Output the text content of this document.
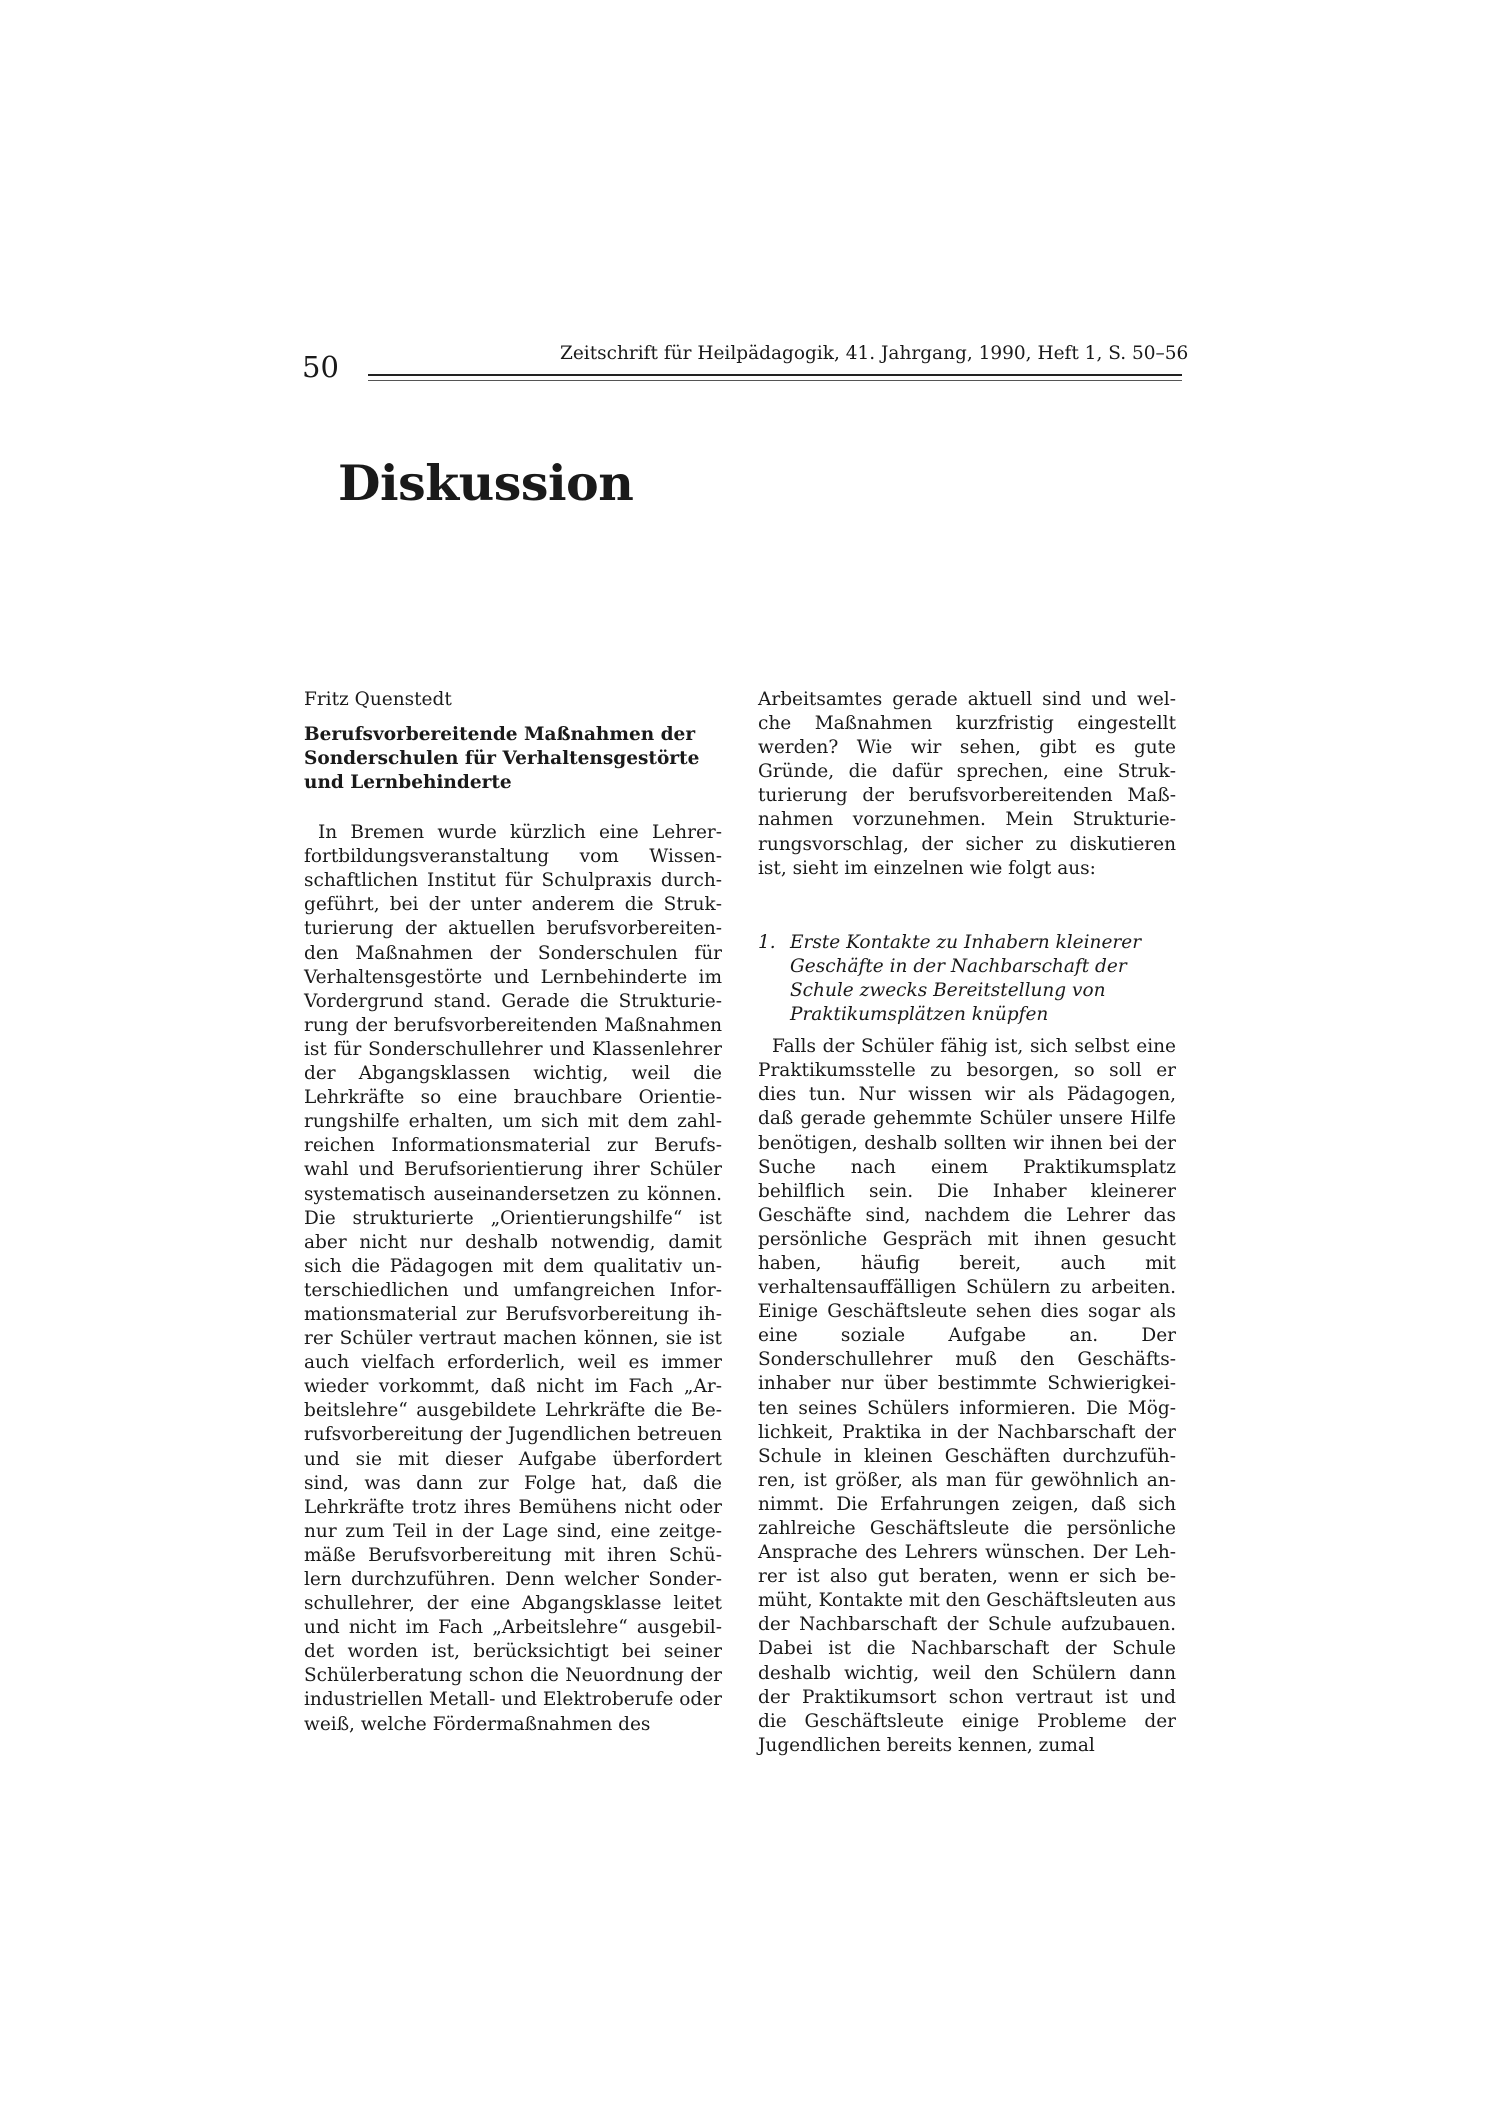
50	Zeitschrift für Heilpädagogik, 41. Jahrgang, 1990, Heft 1, S. 50–56
Diskussion

Fritz Quenstedt

Berufsvorbereitende Maßnahmen der Sonderschulen für Verhaltensgestörte und Lernbehinderte

In Bremen wurde kürzlich eine Lehrerfortbildungsveranstaltung vom Wissenschaftlichen Institut für Schulpraxis durchgeführt, bei der unter anderem die Strukturierung der aktuellen berufsvorbereitenden Maßnahmen der Sonderschulen für Verhaltensgestörte und Lernbehinderte im Vordergrund stand. Gerade die Strukturierung der berufsvorbereitenden Maßnahmen ist für Sonderschullehrer und Klassenlehrer der Abgangsklassen wichtig, weil die Lehrkräfte so eine brauchbare Orientierungshilfe erhalten, um sich mit dem zahlreichen Informationsmaterial zur Berufswahl und Berufsorientierung ihrer Schüler systematisch auseinandersetzen zu können. Die strukturierte „Orientierungshilfe“ ist aber nicht nur deshalb notwendig, damit sich die Pädagogen mit dem qualitativ unterschiedlichen und umfangreichen Informationsmaterial zur Berufsvorbereitung ihrer Schüler vertraut machen können, sie ist auch vielfach erforderlich, weil es immer wieder vorkommt, daß nicht im Fach „Arbeitslehre“ ausgebildete Lehrkräfte die Berufsvorbereitung der Jugendlichen betreuen und sie mit dieser Aufgabe überfordert sind, was dann zur Folge hat, daß die Lehrkräfte trotz ihres Bemühens nicht oder nur zum Teil in der Lage sind, eine zeitgemäße Berufsvorbereitung mit ihren Schülern durchzuführen. Denn welcher Sonderschullehrer, der eine Abgangsklasse leitet und nicht im Fach „Arbeitslehre“ ausgebildet worden ist, berücksichtigt bei seiner Schülerberatung schon die Neuordnung der industriellen Metall- und Elektroberufe oder weiß, welche Fördermaßnahmen des

Arbeitsamtes gerade aktuell sind und welche Maßnahmen kurzfristig eingestellt werden? Wie wir sehen, gibt es gute Gründe, die dafür sprechen, eine Strukturierung der berufsvorbereitenden Maßnahmen vorzunehmen. Mein Strukturierungsvorschlag, der sicher zu diskutieren ist, sieht im einzelnen wie folgt aus:

1. Erste Kontakte zu Inhabern kleinerer Geschäfte in der Nachbarschaft der Schule zwecks Bereitstellung von Praktikumsplätzen knüpfen

Falls der Schüler fähig ist, sich selbst eine Praktikumsstelle zu besorgen, so soll er dies tun. Nur wissen wir als Pädagogen, daß gerade gehemmte Schüler unsere Hilfe benötigen, deshalb sollten wir ihnen bei der Suche nach einem Praktikumsplatz behilflich sein. Die Inhaber kleinerer Geschäfte sind, nachdem die Lehrer das persönliche Gespräch mit ihnen gesucht haben, häufig bereit, auch mit verhaltensauffälligen Schülern zu arbeiten. Einige Geschäftsleute sehen dies sogar als eine soziale Aufgabe an. Der Sonderschullehrer muß den Geschäftsinhaber nur über bestimmte Schwierigkeiten seines Schülers informieren. Die Möglichkeit, Praktika in der Nachbarschaft der Schule in kleinen Geschäften durchzuführen, ist größer, als man für gewöhnlich annimmt. Die Erfahrungen zeigen, daß sich zahlreiche Geschäftsleute die persönliche Ansprache des Lehrers wünschen. Der Lehrer ist also gut beraten, wenn er sich bemüht, Kontakte mit den Geschäftsleuten aus der Nachbarschaft der Schule aufzubauen. Dabei ist die Nachbarschaft der Schule deshalb wichtig, weil den Schülern dann der Praktikumsort schon vertraut ist und die Geschäftsleute einige Probleme der Jugendlichen bereits kennen, zumal
